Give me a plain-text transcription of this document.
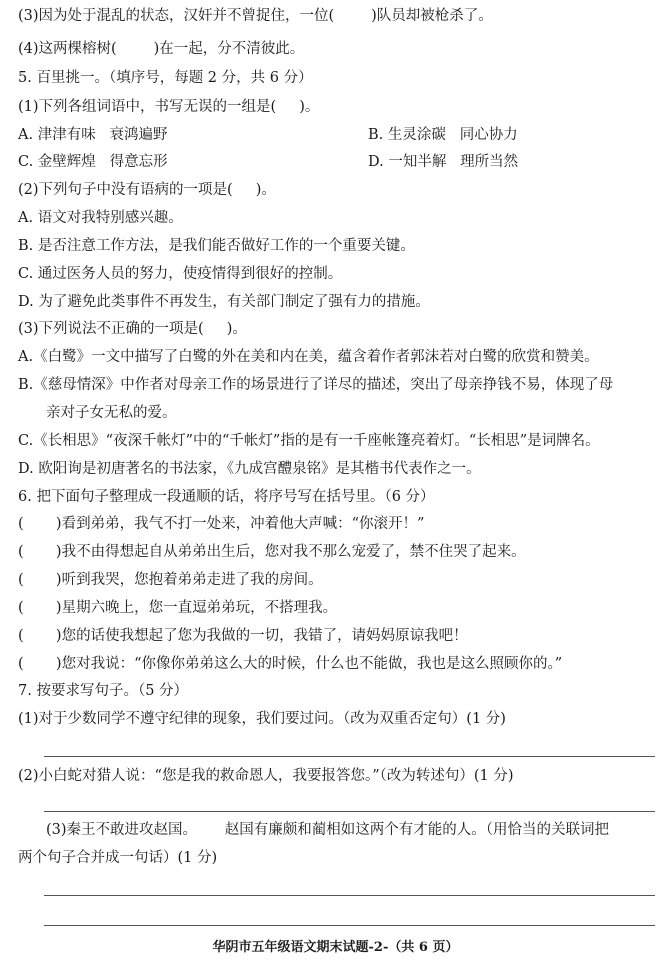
(3)因为处于混乱的状态，汉奸并不曾捉住，一位(        )队员却被枪杀了。
(4)这两棵榕树(        )在一起，分不清彼此。
5. 百里挑一。（填序号，每题 2 分，共 6 分）
(1)下列各组词语中，书写无误的一组是(     )。
A. 津津有味   衰鸿遍野	B. 生灵涂碳   同心协力
C. 金壁辉煌   得意忘形	D. 一知半解   理所当然
(2)下列句子中没有语病的一项是(     )。
A. 语文对我特别感兴趣。
B. 是否注意工作方法，是我们能否做好工作的一个重要关键。
C. 通过医务人员的努力，使疫情得到很好的控制。
D. 为了避免此类事件不再发生，有关部门制定了强有力的措施。
(3)下列说法不正确的一项是(     )。
A.《白鹭》一文中描写了白鹭的外在美和内在美，蕴含着作者郭沫若对白鹭的欣赏和赞美。
B.《慈母情深》中作者对母亲工作的场景进行了详尽的描述，突出了母亲挣钱不易，体现了母
亲对子女无私的爱。
C.《长相思》“夜深千帐灯”中的“千帐灯”指的是有一千座帐篷亮着灯。“长相思”是词牌名。
D. 欧阳询是初唐著名的书法家，《九成宫醴泉铭》是其楷书代表作之一。
6. 把下面句子整理成一段通顺的话，将序号写在括号里。（6 分）
(       )看到弟弟，我气不打一处来，冲着他大声喊：“你滚开！”
(       )我不由得想起自从弟弟出生后，您对我不那么宠爱了，禁不住哭了起来。
(       )听到我哭，您抱着弟弟走进了我的房间。
(       )星期六晚上，您一直逗弟弟玩，不搭理我。
(       )您的话使我想起了您为我做的一切，我错了，请妈妈原谅我吧！
(       )您对我说：“你像你弟弟这么大的时候，什么也不能做，我也是这么照顾你的。”
7. 按要求写句子。（5 分）
(1)对于少数同学不遵守纪律的现象，我们要过问。（改为双重否定句）(1 分)
(2)小白蛇对猎人说：“您是我的救命恩人，我要报答您。”（改为转述句）(1 分)
(3)秦王不敢进攻赵国。      赵国有廉颇和蔺相如这两个有才能的人。（用恰当的关联词把
两个句子合并成一句话）(1 分)
华阴市五年级语文期末试题-2-（共 6 页）
